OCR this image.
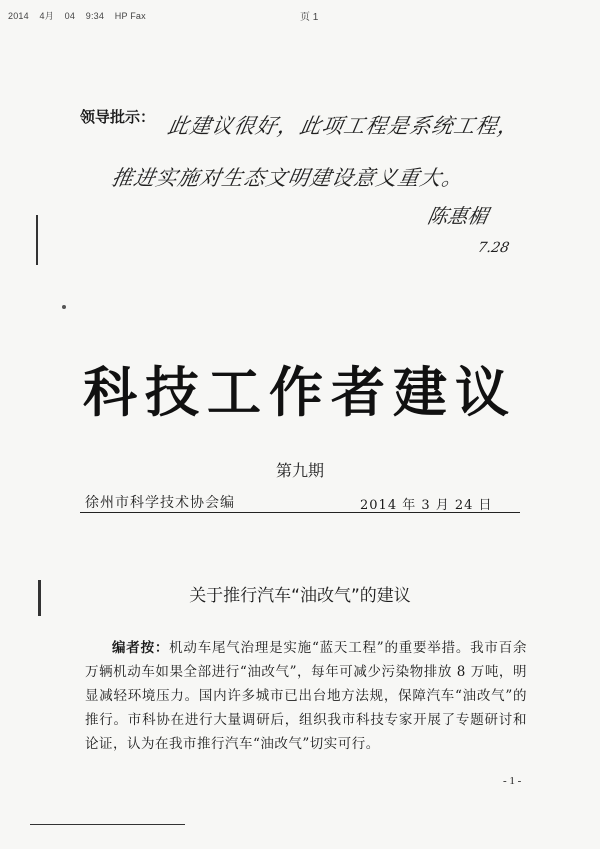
2014 4月 04 9:34 HP Fax	页 1
领导批示： 此建议很好，此项工程是系统工程，
推进实施对生态文明建设意义重大。
陈惠楣
7.28
科技工作者建议
第九期
徐州市科学技术协会编	2014 年 3 月 24 日
关于推行汽车“油改气”的建议
编者按：机动车尾气治理是实施“蓝天工程”的重要举措。我市百余万辆机动车如果全部进行“油改气”，每年可减少污染物排放 8 万吨，明显减轻环境压力。国内许多城市已出台地方法规，保障汽车“油改气”的推行。市科协在进行大量调研后，组织我市科技专家开展了专题研讨和论证，认为在我市推行汽车“油改气”切实可行。
- 1 -
